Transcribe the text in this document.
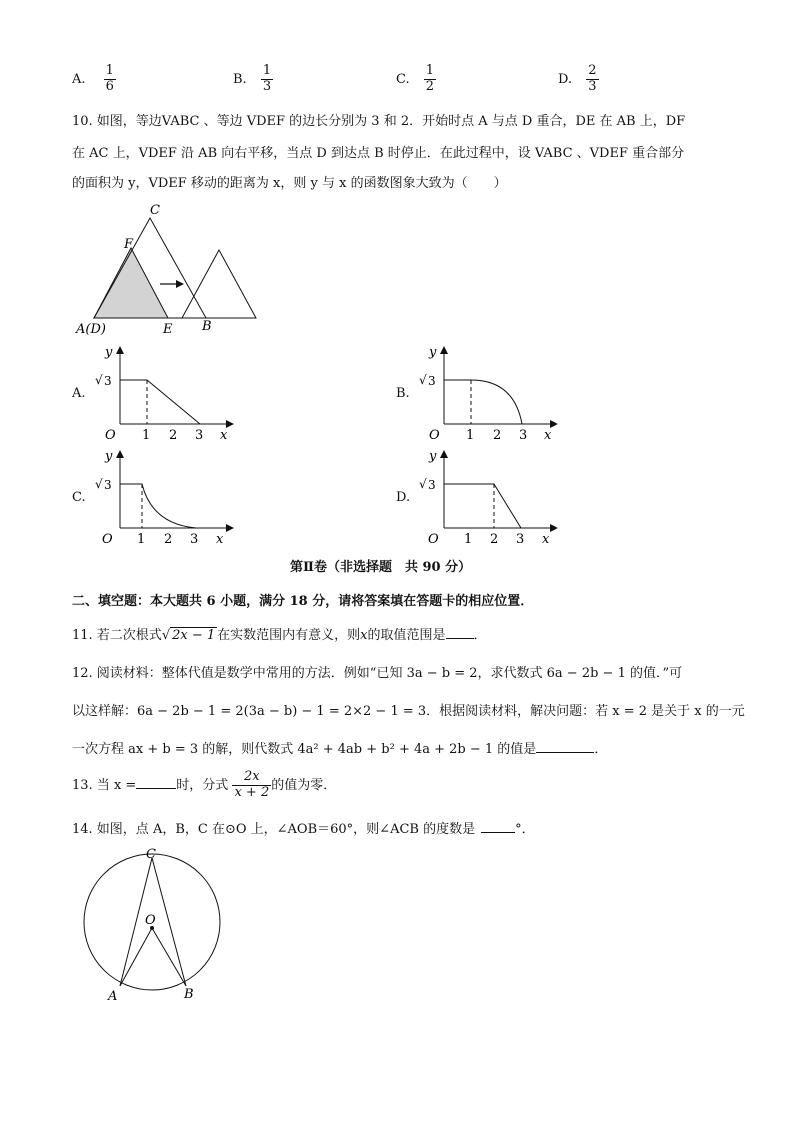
A. $\frac{1}{6}$	B. $\frac{1}{3}$	C. $\frac{1}{2}$	D. $\frac{2}{3}$
10. 如图，等边VABC 、等边 VDEF 的边长分别为 3 和 2．开始时点 A 与点 D 重合，DE 在 AB 上，DF
在 AC 上，VDEF 沿 AB 向右平移，当点 D 到达点 B 时停止．在此过程中，设 VABC 、VDEF 重合部分
的面积为 y，VDEF 移动的距离为 x，则 y 与 x 的函数图象大致为（　　）
C
F
A(D)	E B
A.	B.
C.	D.
y
x
O
√ 3
1 2 3
y
x
O
√ 3
1 2 3
y
x
O
√ 3
1 2 3
y
x
O
√ 3
1 2 3
第Ⅱ卷（非选择题　共 90 分）
二、填空题：本大题共 6 小题，满分 18 分，请将答案填在答题卡的相应位置．
11. 若二次根式√ 2x − 1 在实数范围内有意义，则x的取值范围是 ．
12. 阅读材料：整体代值是数学中常用的方法．例如“已知 3a − b = 2，求代数式 6a − 2b − 1 的值．”可
以这样解：6a − 2b − 1 = 2(3a − b) − 1 = 2×2 − 1 = 3．根据阅读材料，解决问题：若 x = 2 是关于 x 的一元
一次方程 ax + b = 3 的解，则代数式 4a² + 4ab + b² + 4a + 2b − 1 的值是	．
13. 当 x =	时，分式 $\frac{2x}{x + 2}$ 的值为零．
14. 如图，点 A，B，C 在⊙O 上，∠AOB＝60°，则∠ACB 的度数是	°．
C
O
A	B
